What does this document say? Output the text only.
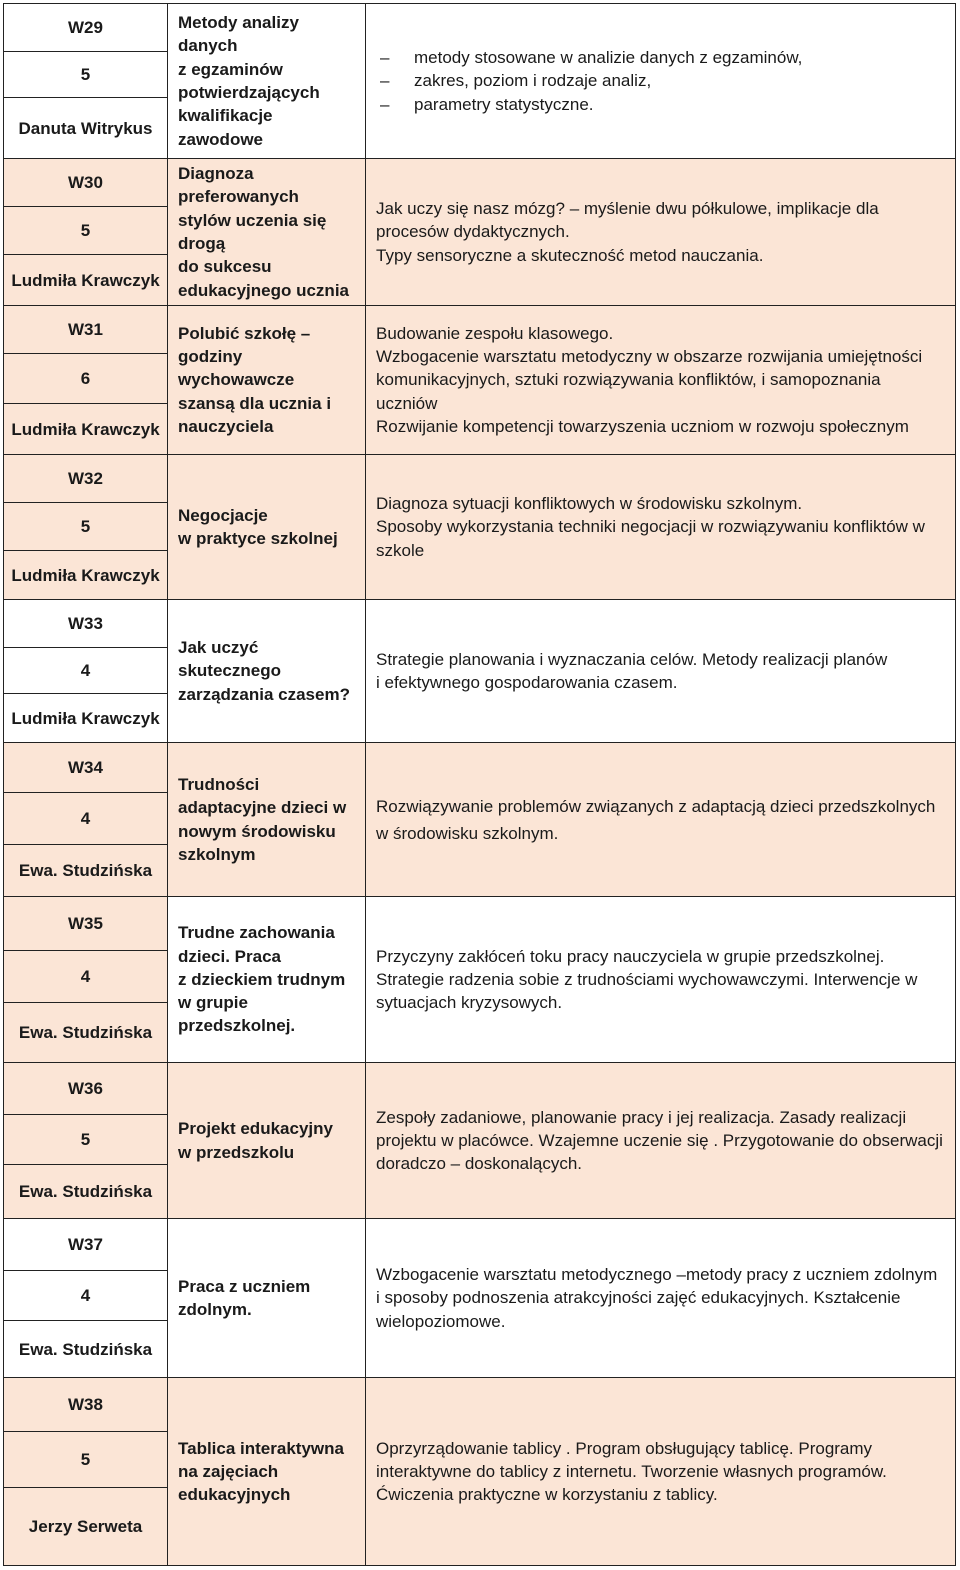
W29
5
Danuta Witrykus
Metody analizy danych
z egzaminów potwierdzających kwalifikacje zawodowe
– metody stosowane w analizie danych z egzaminów,
– zakres, poziom i rodzaje analiz,
– parametry statystyczne.
W30
5
Ludmiła Krawczyk
Diagnoza preferowanych stylów uczenia się drogą
do sukcesu edukacyjnego ucznia

Jak uczy się nasz mózg? – myślenie dwu półkulowe, implikacje dla procesów dydaktycznych.

Typy sensoryczne a skuteczność metod nauczania.

W31
6
Ludmiła Krawczyk
Polubić szkołę – godziny wychowawcze szansą dla ucznia i nauczyciela

Budowanie zespołu klasowego.

Wzbogacenie warsztatu metodyczny w obszarze rozwijania umiejętności komunikacyjnych, sztuki rozwiązywania konfliktów, i samopoznania uczniów

Rozwijanie kompetencji towarzyszenia uczniom w rozwoju społecznym

W32
5
Ludmiła Krawczyk
Negocjacje
w praktyce szkolnej

Diagnoza sytuacji konfliktowych w środowisku szkolnym.

Sposoby wykorzystania techniki negocjacji w rozwiązywaniu konfliktów w szkole

W33
4
Ludmiła Krawczyk
Jak uczyć skutecznego zarządzania czasem?

Strategie planowania i wyznaczania celów. Metody realizacji planów
i efektywnego gospodarowania czasem.

W34
4
Ewa. Studzińska
Trudności adaptacyjne dzieci w nowym środowisku szkolnym

Rozwiązywanie problemów związanych z adaptacją dzieci przedszkolnych

w środowisku szkolnym.

W35
4
Ewa. Studzińska
Trudne zachowania dzieci. Praca
z dzieckiem trudnym w grupie przedszkolnej.

Przyczyny zakłóceń toku pracy nauczyciela w grupie przedszkolnej.

Strategie radzenia sobie z trudnościami wychowawczymi. Interwencje w sytuacjach kryzysowych.

W36
5
Ewa. Studzińska
Projekt edukacyjny
w przedszkolu

Zespoły zadaniowe, planowanie pracy i jej realizacja. Zasady realizacji projektu w placówce. Wzajemne uczenie się . Przygotowanie do obserwacji doradczo – doskonalących.

W37
4
Ewa. Studzińska
Praca z uczniem zdolnym.

Wzbogacenie warsztatu metodycznego –metody pracy z uczniem zdolnym

i sposoby podnoszenia atrakcyjności zajęć edukacyjnych. Kształcenie wielopoziomowe.

W38
5
Jerzy Serweta
Tablica interaktywna na zajęciach edukacyjnych

Oprzyrządowanie tablicy . Program obsługujący tablicę. Programy interaktywne do tablicy z internetu. Tworzenie własnych programów. Ćwiczenia praktyczne w korzystaniu z tablicy.
